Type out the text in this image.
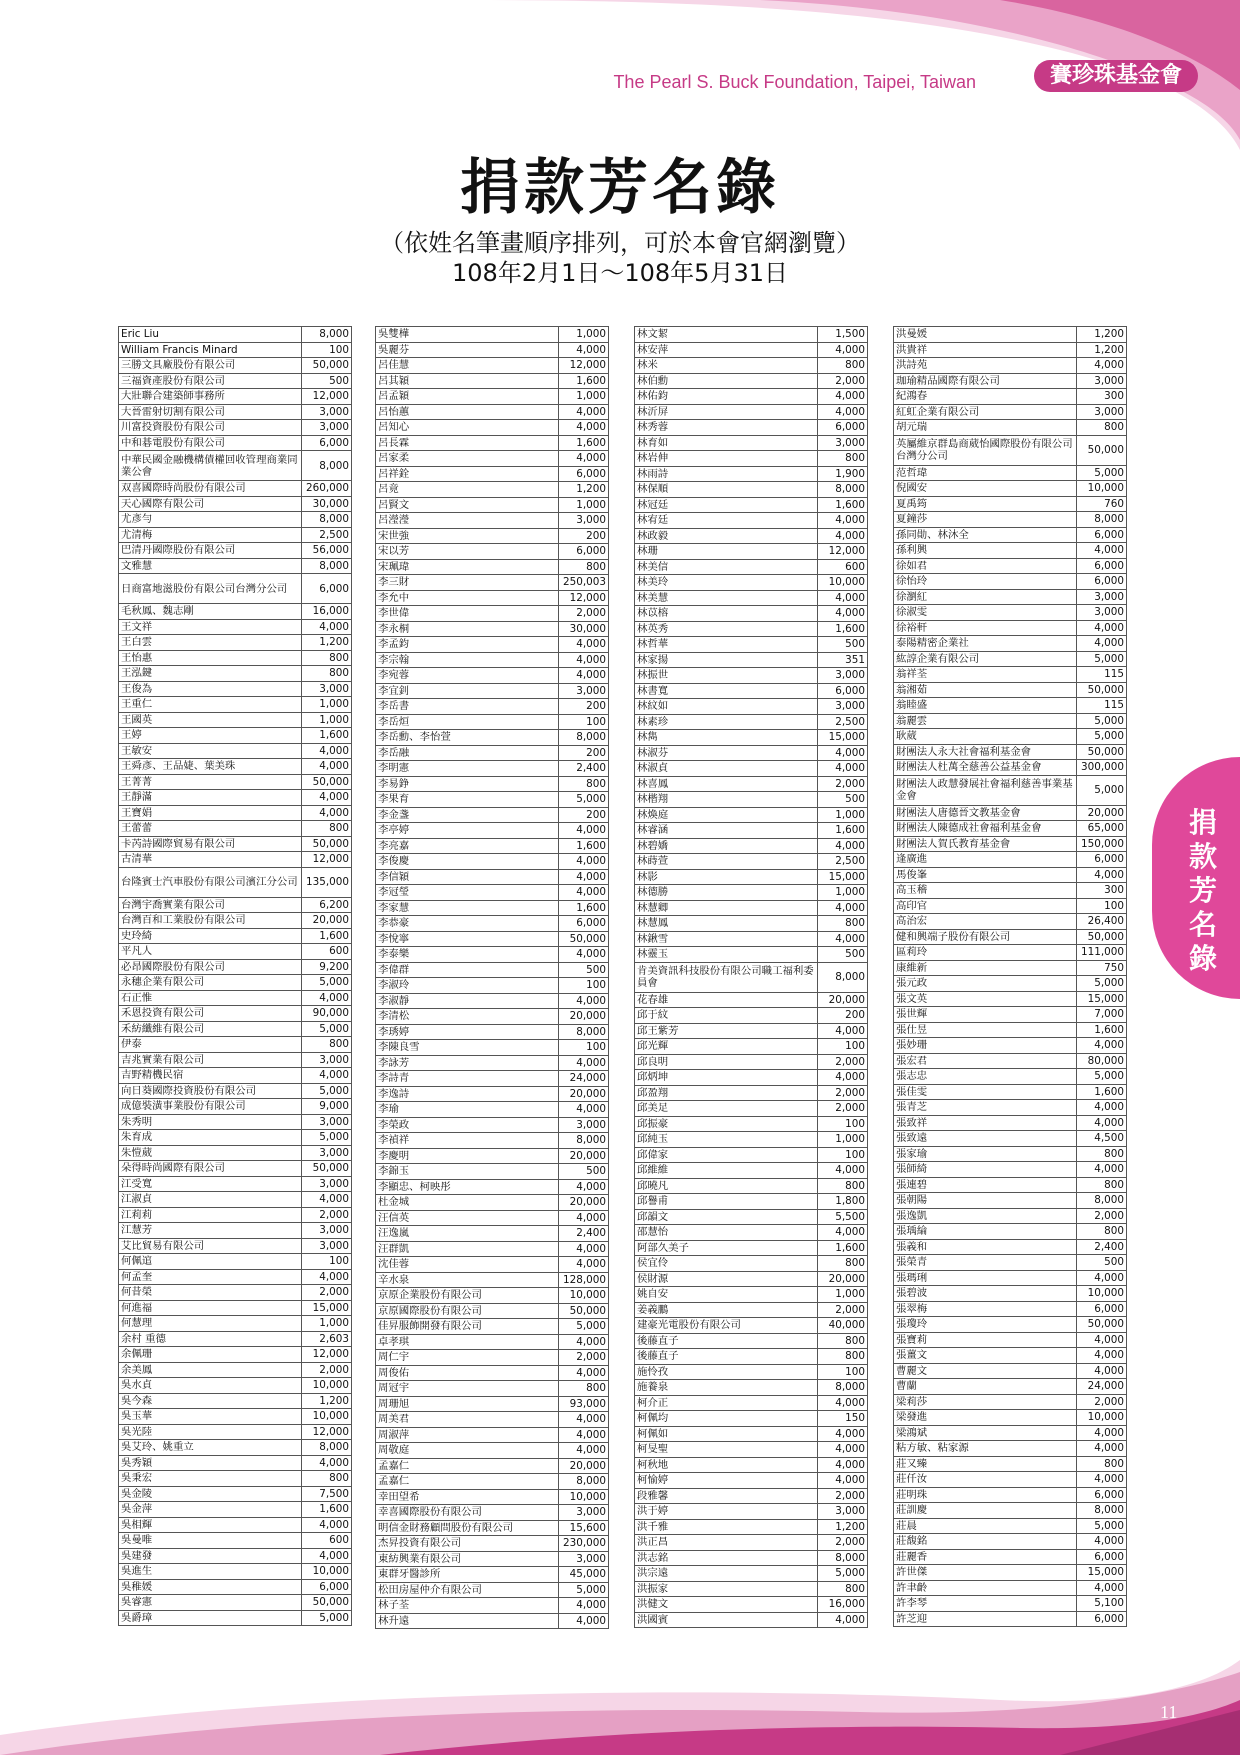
The Pearl S. Buck Foundation, Taipei, Taiwan	賽珍珠基金會
捐款芳名錄
（依姓名筆畫順序排列，可於本會官網瀏覽）
108年2月1日～108年5月31日
捐款芳名錄
Eric Liu	8,000
William Francis Minard	100
三勝文具廠股份有限公司	50,000
三福資產股份有限公司	500
大壯聯合建築師事務所	12,000
大晉雷射切割有限公司	3,000
川富投資股份有限公司	3,000
中和碁電股份有限公司	6,000
中華民國金融機構債權回收管理商業同業公會	8,000
双喜國際時尚股份有限公司	260,000
天心國際有限公司	30,000
尤彥勻	8,000
尤清梅	2,500
巴清丹國際股份有限公司	56,000
文雅慧	8,000
日商富地滋股份有限公司台灣分公司	6,000
毛秋鳳、魏志剛	16,000
王文祥	4,000
王白雲	1,200
王怡惠	800
王泓鍵	800
王俊為	3,000
王重仁	1,000
王國英	1,000
王婷	1,600
王敏安	4,000
王舜彥、王品婕、葉美珠	4,000
王菁菁	50,000
王靜滿	4,000
王寶娟	4,000
王蕾蕾	800
卡芮詩國際貿易有限公司	50,000
古清華	12,000
台隆賓士汽車股份有限公司濱江分公司	135,000
台灣宇喬實業有限公司	6,200
台灣百和工業股份有限公司	20,000
史玲綺	1,600
平凡人	600
必昂國際股份有限公司	9,200
永穗企業有限公司	5,000
石正惟	4,000
禾恩投資有限公司	90,000
禾紡纖維有限公司	5,000
伊泰	800
吉兆實業有限公司	3,000
吉野精機民宿	4,000
向日葵國際投資股份有限公司	5,000
成億裝潢事業股份有限公司	9,000
朱秀明	3,000
朱育成	5,000
朱愷葳	3,000
朵得時尚國際有限公司	50,000
江受寬	3,000
江淑貞	4,000
江莉莉	2,000
江慧芳	3,000
艾比貿易有限公司	3,000
何佩逭	100
何孟奎	4,000
何昔榮	2,000
何進福	15,000
何慧理	1,000
余村 重德	2,603
余佩珊	12,000
余美鳳	2,000
吳水貞	10,000
吳今森	1,200
吳玉華	10,000
吳光陸	12,000
吳艾玲、姚重立	8,000
吳秀穎	4,000
吳秉宏	800
吳金陵	7,500
吳金萍	1,600
吳相輝	4,000
吳曼唯	600
吳建發	4,000
吳進生	10,000
吳稚媛	6,000
吳睿憲	50,000
吳爵璋	5,000
吳雙樺	1,000
吳麗芬	4,000
呂佳慧	12,000
呂其穎	1,600
呂孟穎	1,000
呂怡蕙	4,000
呂知心	4,000
呂長霖	1,600
呂家柔	4,000
呂祥銓	6,000
呂竟	1,200
呂賢文	1,000
呂瀅瀅	3,000
宋世強	200
宋以芳	6,000
宋珮瑋	800
李三財	250,003
李允中	12,000
李世偉	2,000
李永桐	30,000
李孟鈞	4,000
李宗翰	4,000
李宛蓉	4,000
李宜釗	3,000
李岳書	200
李岳烜	100
李岳勳、李怡萱	8,000
李岳融	200
李明憲	2,400
李易錚	800
李果育	5,000
李金盞	200
李亭婷	4,000
李亮嘉	1,600
李俊慶	4,000
李信穎	4,000
李冠瑩	4,000
李家慧	1,600
李恭豪	6,000
李悅寧	50,000
李泰樂	4,000
李偉群	500
李淑玲	100
李淑靜	4,000
李清松	20,000
李琇婷	8,000
李陳良雪	100
李詠芳	4,000
李詩青	24,000
李逸詩	20,000
李瑜	4,000
李榮政	3,000
李禎祥	8,000
李慶明	20,000
李錦玉	500
李顯忠、柯映彤	4,000
杜金城	20,000
汪信英	4,000
汪逸嵐	2,400
汪群凱	4,000
沈佳蓉	4,000
辛水泉	128,000
京原企業股份有限公司	10,000
京原國際股份有限公司	50,000
佳昇服飾開發有限公司	5,000
卓孝琪	4,000
周仁宇	2,000
周俊佑	4,000
周冠宇	800
周珊旭	93,000
周美君	4,000
周淑萍	4,000
周敬庭	4,000
孟嘉仁	20,000
孟嘉仁	8,000
幸田望希	10,000
幸喜國際股份有限公司	3,000
明信金財務顧問股份有限公司	15,600
杰昇投資有限公司	230,000
東紡興業有限公司	3,000
東群牙醫診所	45,000
松田房屋仲介有限公司	5,000
林子荃	4,000
林升遠	4,000
林文絜	1,500
林安萍	4,000
林米	800
林伯勳	2,000
林佑鈞	4,000
林沂屏	4,000
林秀蓉	6,000
林育如	3,000
林岩伸	800
林雨詩	1,900
林保順	8,000
林冠廷	1,600
林宥廷	4,000
林政毅	4,000
林珊	12,000
林美信	600
林美玲	10,000
林美慧	4,000
林苡榕	4,000
林英秀	1,600
林哲華	500
林家揚	351
林振世	3,000
林書寬	6,000
林紋如	3,000
林素珍	2,500
林雋	15,000
林淑芬	4,000
林淑貞	4,000
林喜鳳	2,000
林楷翔	500
林煥庭	1,000
林睿涵	1,600
林碧嬌	4,000
林蒔萱	2,500
林影	15,000
林德勝	1,000
林慧卿	4,000
林慧鳳	800
林鍬雪	4,000
林靈玉	500
肯美資訊科技股份有限公司職工福利委員會	8,000
花春雄	20,000
邱于紋	200
邱王紫芳	4,000
邱光輝	100
邱良明	2,000
邱炳坤	4,000
邱盈翔	2,000
邱美足	2,000
邱振豪	100
邱純玉	1,000
邱偉家	100
邱維維	4,000
邱曉凡	800
邱譽甫	1,800
邱韻文	5,500
邵慧怡	4,000
阿部久美子	1,600
侯宜伶	800
侯財源	20,000
姚自安	1,000
姜義鵬	2,000
建豪光電股份有限公司	40,000
後藤直子	800
後藤直子	800
施怜孜	100
施養泉	8,000
柯介正	4,000
柯佩均	150
柯佩如	4,000
柯旻聖	4,000
柯秋地	4,000
柯愉婷	4,000
段雅馨	2,000
洪于婷	3,000
洪千雅	1,200
洪正昌	2,000
洪志銘	8,000
洪宗遠	5,000
洪振家	800
洪健文	16,000
洪國賓	4,000
洪曼媛	1,200
洪貴祥	1,200
洪詩苑	4,000
珈瑜精品國際有限公司	3,000
紀鴻春	300
紅虹企業有限公司	3,000
胡元瑞	800
英屬維京群島商葳怡國際股份有限公司台灣分公司	50,000
范哲瑋	5,000
倪國安	10,000
夏禹筠	760
夏鐘莎	8,000
孫同勛、林沐全	6,000
孫利興	4,000
徐如君	6,000
徐怡玲	6,000
徐瀏紅	3,000
徐淑雯	3,000
徐裕軒	4,000
泰陽精密企業社	4,000
紘諄企業有限公司	5,000
翁祥荃	115
翁湘茹	50,000
翁睦盛	115
翁麗雲	5,000
耿葳	5,000
財團法人永大社會福利基金會	50,000
財團法人杜萬全慈善公益基金會	300,000
財團法人政慧發展社會福利慈善事業基金會	5,000
財團法人唐德晉文教基金會	20,000
財團法人陳德成社會福利基金會	65,000
財團法人賀氏教育基金會	150,000
逢廣進	6,000
馬俊峯	4,000
高玉稽	300
高印官	100
高治宏	26,400
健和興端子股份有限公司	50,000
區莉玲	111,000
康維新	750
張元政	5,000
張文英	15,000
張世輝	7,000
張仕昱	1,600
張妙珊	4,000
張宏君	80,000
張志忠	5,000
張佳雯	1,600
張青芝	4,000
張致祥	4,000
張致遠	4,500
張家瑜	800
張師綺	4,000
張連碧	800
張朝陽	8,000
張逸凱	2,000
張瑀綸	800
張義和	2,400
張榮青	500
張瑪琍	4,000
張碧波	10,000
張翠梅	6,000
張瓊玲	50,000
張寶莉	4,000
張薑文	4,000
曹麗文	4,000
曹蘭	24,000
梁莉莎	2,000
梁發進	10,000
梁鴻斌	4,000
粘方敏、粘家源	4,000
莊又臻	800
莊仟汝	4,000
莊明珠	6,000
莊訓慶	8,000
莊晨	5,000
莊馥銘	4,000
莊麗香	6,000
許世傑	15,000
許聿齡	4,000
許李琴	5,100
許芝迎	6,000
11
